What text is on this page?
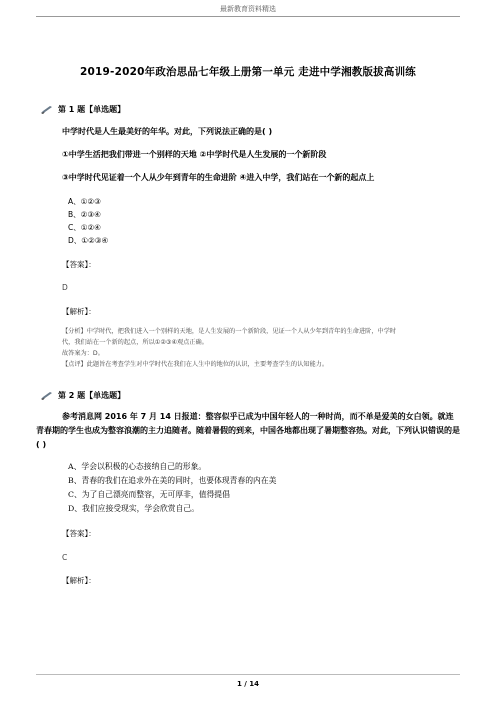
最新教育资料精选
2019-2020年政治思品七年级上册第一单元 走进中学湘教版拔高训练
第 1 题【单选题】
中学时代是人生最美好的年华。对此，下列说法正确的是( )
①中学生活把我们带进一个别样的天地 ②中学时代是人生发展的一个新阶段
③中学时代见证着一个人从少年到青年的生命进阶 ④进入中学，我们站在一个新的起点上
A、①②③
B、②③④
C、①②④
D、①②③④
【答案】：
D
【解析】：

【分析】中学时代，把我们进入一个别样的天地，是人生发展的一个新阶段，见证一个人从少年到青年的生命进阶，中学时

代，我们站在一个新的起点，所以①②③④观点正确。

故答案为：D。

【点评】此题旨在考查学生对中学时代在我们在人生中的地位的认识，主要考查学生的认知能力。

第 2 题【单选题】
参考消息网 2016 年 7 月 14 日报道：整容似乎已成为中国年轻人的一种时尚，而不单是爱美的女白领。就连青春期的学生也成为整容浪潮的主力追随者。随着暑假的到来，中国各地都出现了暑期整容热。对此，下列认识错误的是( )
A、学会以积极的心态接纳自己的形象。
B、青春的我们在追求外在美的同时，也要体现青春的内在美
C、为了自己漂亮而整容，无可厚非，值得提倡
D、我们应接受现实，学会欣赏自己。
【答案】：
C
【解析】：
1 / 14
